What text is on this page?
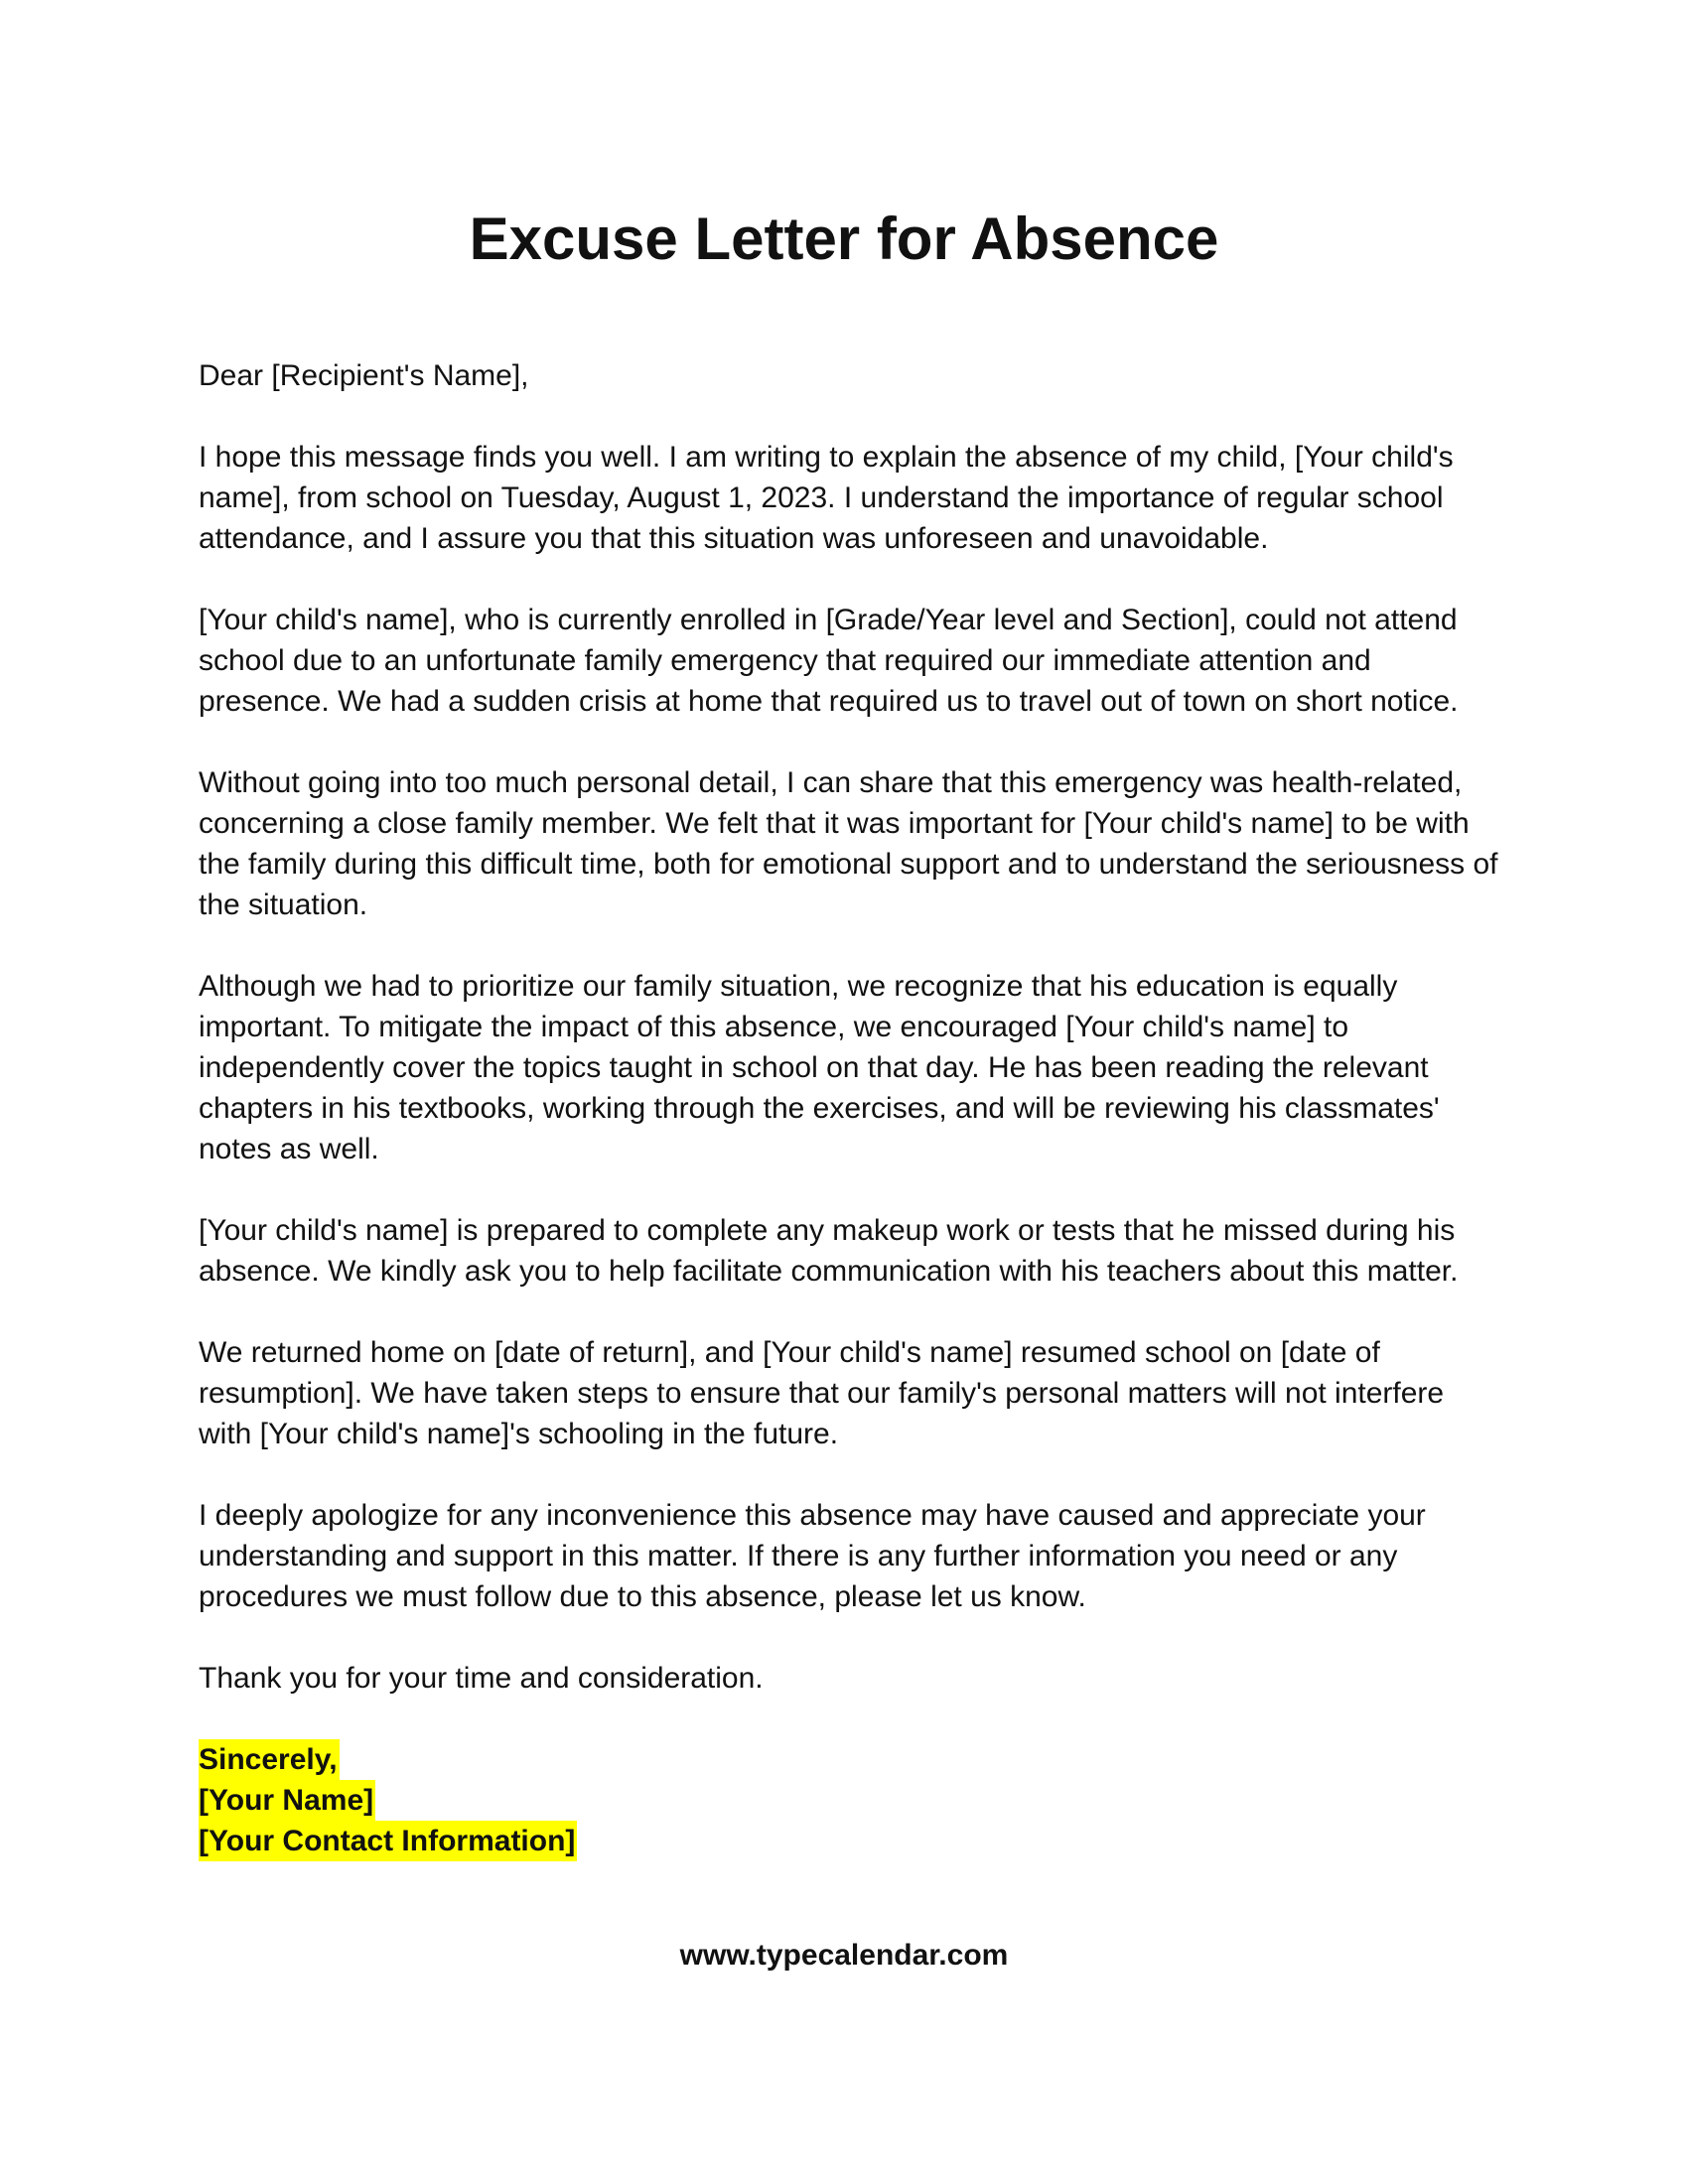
Excuse Letter for Absence

Dear [Recipient's Name],

I hope this message finds you well. I am writing to explain the absence of my child, [Your child's name], from school on Tuesday, August 1, 2023. I understand the importance of regular school attendance, and I assure you that this situation was unforeseen and unavoidable.

[Your child's name], who is currently enrolled in [Grade/Year level and Section], could not attend school due to an unfortunate family emergency that required our immediate attention and presence. We had a sudden crisis at home that required us to travel out of town on short notice.

Without going into too much personal detail, I can share that this emergency was health-related, concerning a close family member. We felt that it was important for [Your child's name] to be with the family during this difficult time, both for emotional support and to understand the seriousness of the situation.

Although we had to prioritize our family situation, we recognize that his education is equally important. To mitigate the impact of this absence, we encouraged [Your child's name] to independently cover the topics taught in school on that day. He has been reading the relevant chapters in his textbooks, working through the exercises, and will be reviewing his classmates' notes as well.

[Your child's name] is prepared to complete any makeup work or tests that he missed during his absence. We kindly ask you to help facilitate communication with his teachers about this matter.

We returned home on [date of return], and [Your child's name] resumed school on [date of resumption]. We have taken steps to ensure that our family's personal matters will not interfere with [Your child's name]'s schooling in the future.

I deeply apologize for any inconvenience this absence may have caused and appreciate your understanding and support in this matter. If there is any further information you need or any procedures we must follow due to this absence, please let us know.

Thank you for your time and consideration.

Sincerely,
[Your Name]
[Your Contact Information]
www.typecalendar.com
